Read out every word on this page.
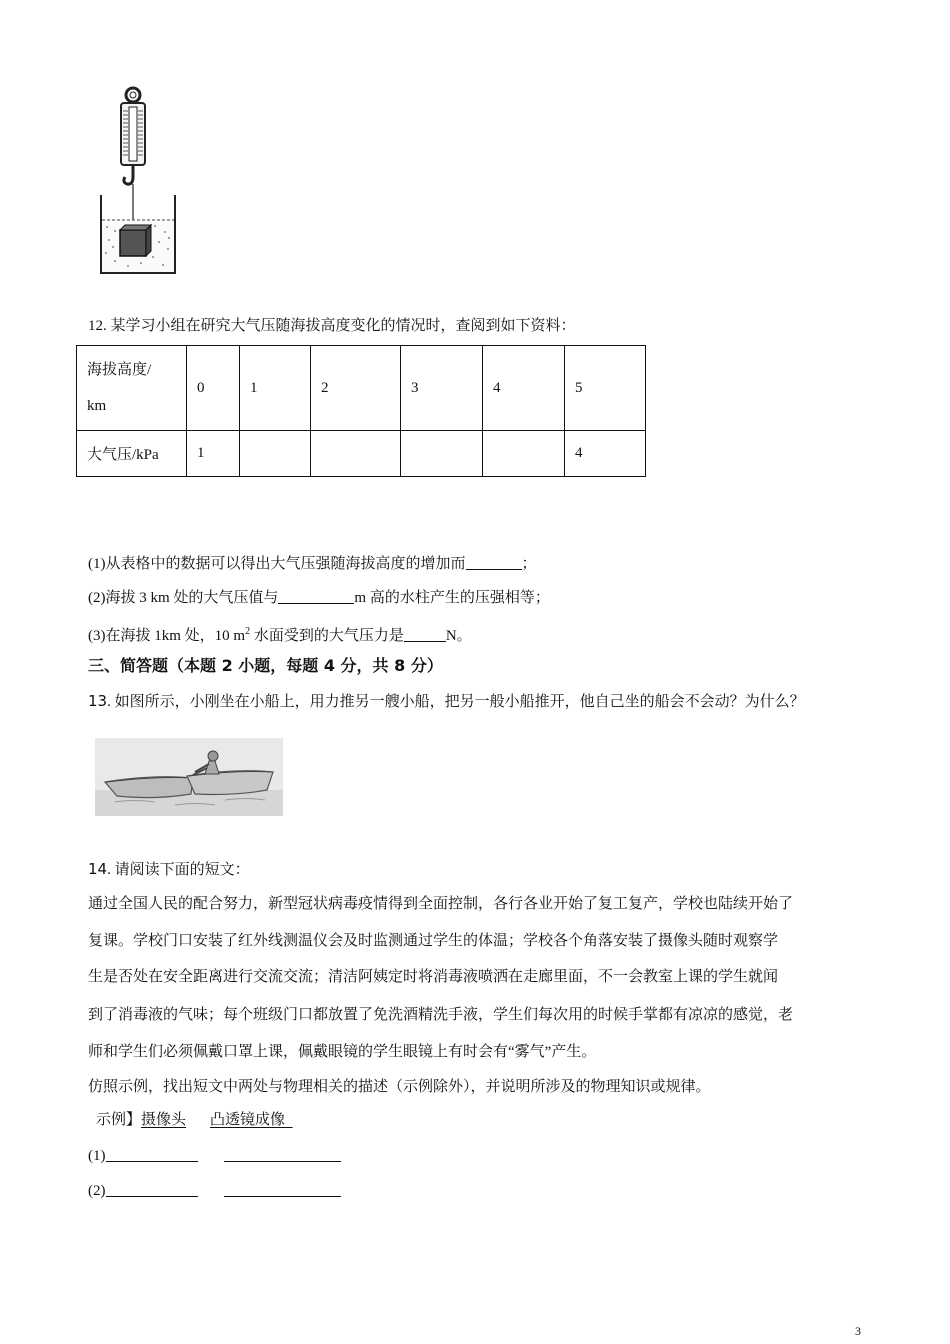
12. 某学习小组在研究大气压随海拔高度变化的情况时，查阅到如下资料：
海拔高度/
km	0	1	2	3	4	5
大气压/kPa	1					4
(1)从表格中的数据可以得出大气压强随海拔高度的增加而	；
(2)海拔 3 km 处的大气压值与	m 高的水柱产生的压强相等；
(3)在海拔 1km 处，10 $m^2$ 水面受到的大气压力是	N。
三、简答题（本题 2 小题，每题 4 分，共 8 分）
13. 如图所示，小刚坐在小船上，用力推另一艘小船，把另一般小船推开，他自己坐的船会不会动？为什么？
14. 请阅读下面的短文：
通过全国人民的配合努力，新型冠状病毒疫情得到全面控制，各行各业开始了复工复产，学校也陆续开始了
复课。学校门口安装了红外线测温仪会及时监测通过学生的体温；学校各个角落安装了摄像头随时观察学
生是否处在安全距离进行交流交流；清洁阿姨定时将消毒液喷洒在走廊里面，不一会教室上课的学生就闻
到了消毒液的气味；每个班级门口都放置了免洗酒精洗手液，学生们每次用的时候手掌都有凉凉的感觉，老
师和学生们必须佩戴口罩上课，佩戴眼镜的学生眼镜上有时会有“雾气”产生。
仿照示例，找出短文中两处与物理相关的描述（示例除外），并说明所涉及的物理知识或规律。
示例】摄像头 凸透镜成像
(1)
(2)
3
